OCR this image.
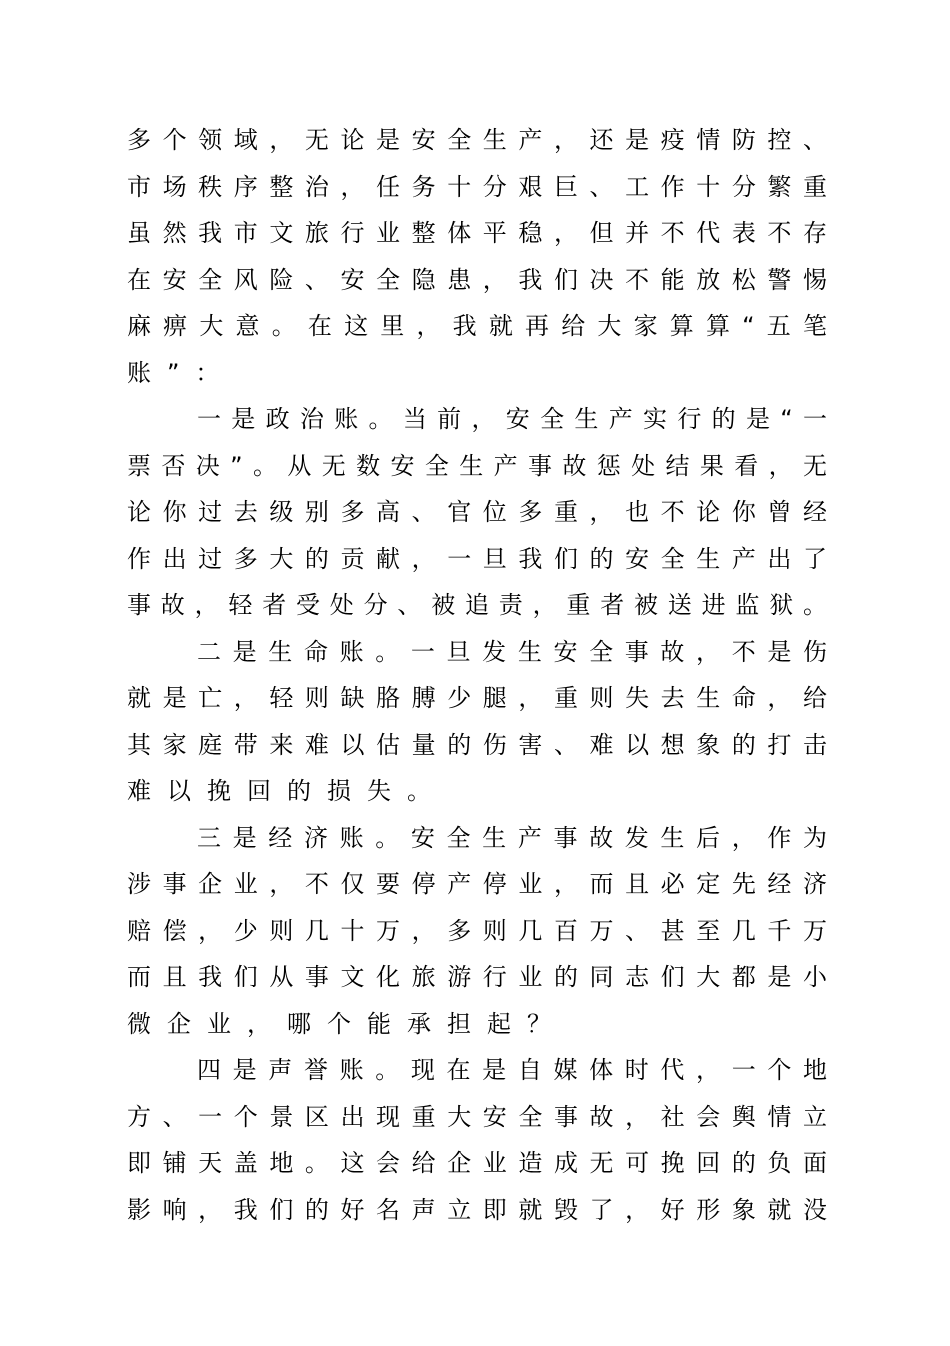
多个领域，无论是安全生产，还是疫情防控、
市场秩序整治，任务十分艰巨、工作十分繁重
虽然我市文旅行业整体平稳，但并不代表不存
在安全风险、安全隐患，我们决不能放松警惕
麻痹大意。在这里，我就再给大家算算“五笔
账”：
一是政治账。当前，安全生产实行的是“一
票否决”。从无数安全生产事故惩处结果看，无
论你过去级别多高、官位多重，也不论你曾经
作出过多大的贡献，一旦我们的安全生产出了
事故，轻者受处分、被追责，重者被送进监狱。
二是生命账。一旦发生安全事故，不是伤
就是亡，轻则缺胳膊少腿，重则失去生命，给
其家庭带来难以估量的伤害、难以想象的打击
难以挽回的损失。
三是经济账。安全生产事故发生后，作为
涉事企业，不仅要停产停业，而且必定先经济
赔偿，少则几十万，多则几百万、甚至几千万
而且我们从事文化旅游行业的同志们大都是小
微企业，哪个能承担起？
四是声誉账。现在是自媒体时代，一个地
方、一个景区出现重大安全事故，社会舆情立
即铺天盖地。这会给企业造成无可挽回的负面
影响，我们的好名声立即就毁了，好形象就没
